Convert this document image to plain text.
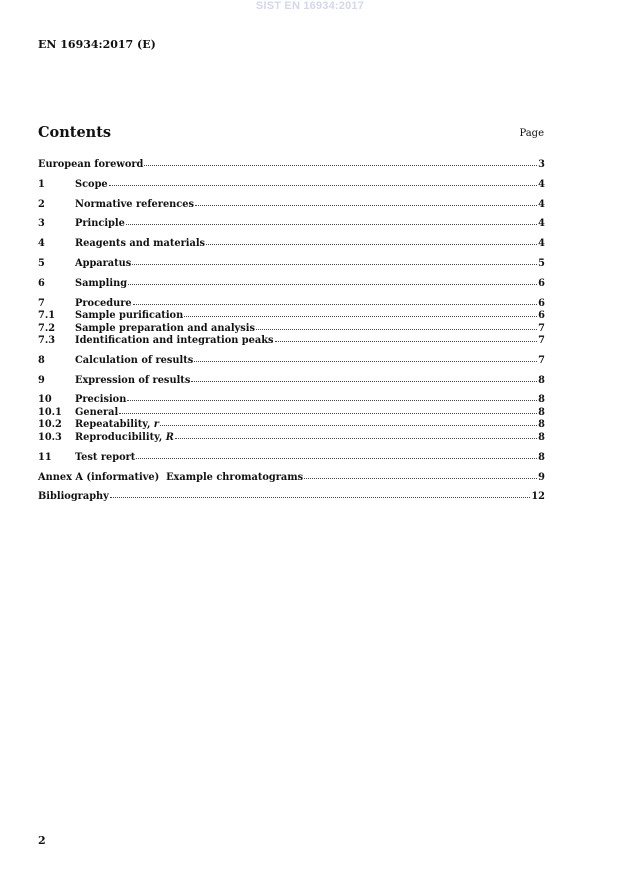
SIST EN 16934:2017
EN 16934:2017 (E)
Contents	Page
European foreword	3
1	Scope	4
2	Normative references	4
3	Principle	4
4	Reagents and materials	4
5	Apparatus	5
6	Sampling	6
7	Procedure	6
7.1	Sample purification	6
7.2	Sample preparation and analysis	7
7.3	Identification and integration peaks	7
8	Calculation of results	7
9	Expression of results	8
10	Precision	8
10.1	General	8
10.2	Repeatability, r	8
10.3	Reproducibility, R	8
11	Test report	8
Annex A (informative)  Example chromatograms	9
Bibliography	12
2
